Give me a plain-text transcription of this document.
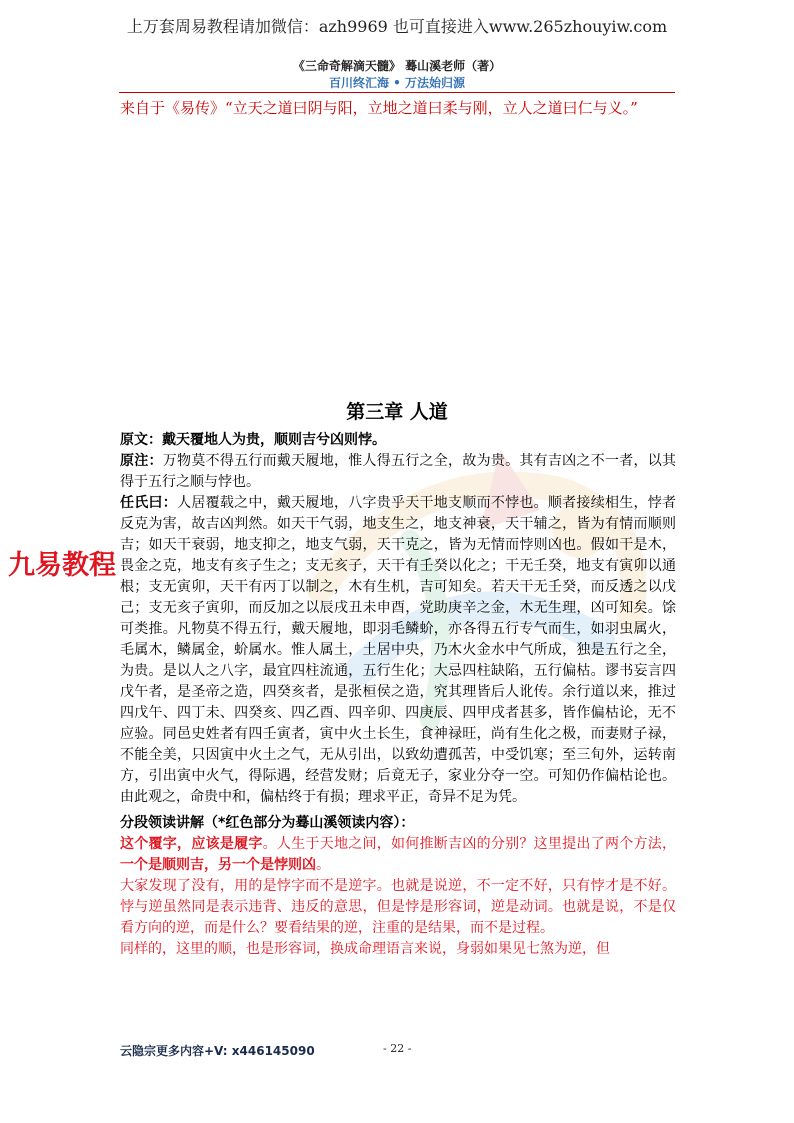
上万套周易教程请加微信：azh9969 也可直接进入www.265zhouyiw.com
《三命奇解滴天髓》 蓦山溪老师（著）
百川终汇海 • 万法始归源
来自于《易传》“立天之道曰阴与阳，立地之道曰柔与刚，立人之道曰仁与义。”
九易教程
第三章 人道

原文：戴天覆地人为贵，顺则吉兮凶则悖。

原注：万物莫不得五行而戴天履地，惟人得五行之全，故为贵。其有吉凶之不一者，以其得于五行之顺与悖也。

任氏曰：人居覆载之中，戴天履地，八字贵乎天干地支顺而不悖也。顺者接续相生，悖者反克为害，故吉凶判然。如天干气弱，地支生之，地支神衰，天干辅之，皆为有情而顺则吉；如天干衰弱，地支抑之，地支气弱，天干克之，皆为无情而悖则凶也。假如干是木，畏金之克，地支有亥子生之；支无亥子，天干有壬癸以化之；干无壬癸，地支有寅卯以通根；支无寅卯，天干有丙丁以制之，木有生机，吉可知矣。若天干无壬癸，而反透之以戊己；支无亥子寅卯，而反加之以辰戌丑未申酉，党助庚辛之金，木无生理，凶可知矣。馀可类推。凡物莫不得五行，戴天履地，即羽毛鳞蚧，亦各得五行专气而生，如羽虫属火，毛属木，鳞属金，蚧属水。惟人属土，土居中央，乃木火金水中气所成，独是五行之全，为贵。是以人之八字，最宜四柱流通，五行生化；大忌四柱缺陷，五行偏枯。谬书妄言四戊午者，是圣帝之造，四癸亥者，是张桓侯之造，究其理皆后人讹传。余行道以来，推过四戊午、四丁未、四癸亥、四乙酉、四辛卯、四庚辰、四甲戌者甚多，皆作偏枯论，无不应验。同邑史姓者有四壬寅者，寅中火土长生，食神禄旺，尚有生化之极，而妻财子禄，不能全美，只因寅中火土之气，无从引出，以致幼遭孤苦，中受饥寒；至三旬外，运转南方，引出寅中火气，得际遇，经营发财；后竟无子，家业分夺一空。可知仍作偏枯论也。由此观之，命贵中和，偏枯终于有损；理求平正，奇异不足为凭。

分段领读讲解（*红色部分为蓦山溪领读内容）：

这个覆字，应该是履字。人生于天地之间，如何推断吉凶的分别？这里提出了两个方法，一个是顺则吉，另一个是悖则凶。

大家发现了没有，用的是悖字而不是逆字。也就是说逆，不一定不好，只有悖才是不好。悖与逆虽然同是表示违背、违反的意思，但是悖是形容词，逆是动词。也就是说，不是仅看方向的逆，而是什么？要看结果的逆，注重的是结果，而不是过程。

同样的，这里的顺，也是形容词，换成命理语言来说，身弱如果见七煞为逆，但

云隐宗更多内容+V: x446145090	- 22 -
